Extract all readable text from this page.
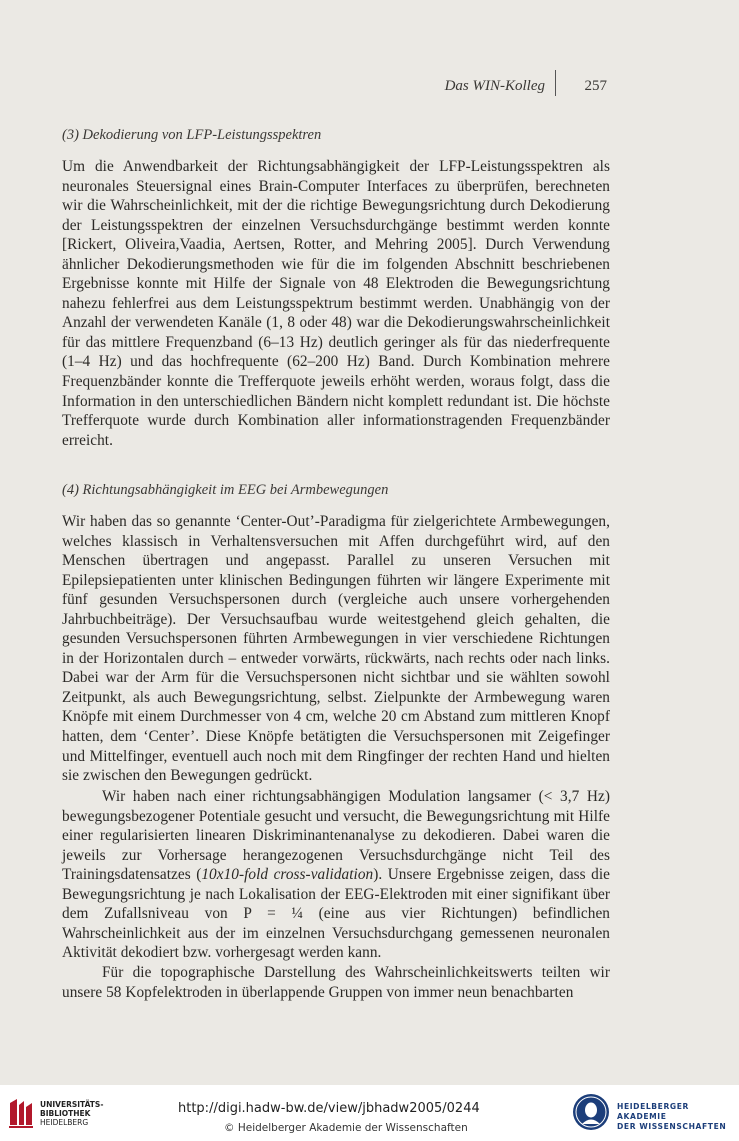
Das WIN-Kolleg	257
(3) Dekodierung von LFP-Leistungsspektren
Um die Anwendbarkeit der Richtungsabhängigkeit der LFP-Leistungsspektren als neuronales Steuersignal eines Brain-Computer Interfaces zu überprüfen, berechneten wir die Wahrscheinlichkeit, mit der die richtige Bewegungsrichtung durch Dekodierung der Leistungsspektren der einzelnen Versuchsdurchgänge bestimmt werden konnte [Rickert, Oliveira,Vaadia, Aertsen, Rotter, and Mehring 2005]. Durch Verwendung ähnlicher Dekodierungsmethoden wie für die im folgenden Abschnitt beschriebenen Ergebnisse konnte mit Hilfe der Signale von 48 Elektroden die Bewegungsrichtung nahezu fehlerfrei aus dem Leistungsspektrum bestimmt werden. Unabhängig von der Anzahl der verwendeten Kanäle (1, 8 oder 48) war die Dekodierungswahrscheinlichkeit für das mittlere Frequenzband (6–13 Hz) deutlich geringer als für das niederfrequente (1–4 Hz) und das hochfrequente (62–200 Hz) Band. Durch Kombination mehrere Frequenzbänder konnte die Trefferquote jeweils erhöht werden, woraus folgt, dass die Information in den unterschiedlichen Bändern nicht komplett redundant ist. Die höchste Trefferquote wurde durch Kombination aller informationstragenden Frequenzbänder erreicht.
(4) Richtungsabhängigkeit im EEG bei Armbewegungen
Wir haben das so genannte ‘Center-Out’-Paradigma für zielgerichtete Armbewegungen, welches klassisch in Verhaltensversuchen mit Affen durchgeführt wird, auf den Menschen übertragen und angepasst. Parallel zu unseren Versuchen mit Epilepsiepatienten unter klinischen Bedingungen führten wir längere Experimente mit fünf gesunden Versuchspersonen durch (vergleiche auch unsere vorhergehenden Jahrbuchbeiträge). Der Versuchsaufbau wurde weitestgehend gleich gehalten, die gesunden Versuchspersonen führten Armbewegungen in vier verschiedene Richtungen in der Horizontalen durch – entweder vorwärts, rückwärts, nach rechts oder nach links. Dabei war der Arm für die Versuchspersonen nicht sichtbar und sie wählten sowohl Zeitpunkt, als auch Bewegungsrichtung, selbst. Zielpunkte der Armbewegung waren Knöpfe mit einem Durchmesser von 4 cm, welche 20 cm Abstand zum mittleren Knopf hatten, dem ‘Center’. Diese Knöpfe betätigten die Versuchspersonen mit Zeigefinger und Mittelfinger, eventuell auch noch mit dem Ringfinger der rechten Hand und hielten sie zwischen den Bewegungen gedrückt.
Wir haben nach einer richtungsabhängigen Modulation langsamer (< 3,7 Hz) bewegungsbezogener Potentiale gesucht und versucht, die Bewegungsrichtung mit Hilfe einer regularisierten linearen Diskriminantenanalyse zu dekodieren. Dabei waren die jeweils zur Vorhersage herangezogenen Versuchsdurchgänge nicht Teil des Trainingsdatensatzes (10x10-fold cross-validation). Unsere Ergebnisse zeigen, dass die Bewegungsrichtung je nach Lokalisation der EEG-Elektroden mit einer signifikant über dem Zufallsniveau von P = ¼ (eine aus vier Richtungen) befindlichen Wahrscheinlichkeit aus der im einzelnen Versuchsdurchgang gemessenen neuronalen Aktivität dekodiert bzw. vorhergesagt werden kann.
Für die topographische Darstellung des Wahrscheinlichkeitswerts teilten wir unsere 58 Kopfelektroden in überlappende Gruppen von immer neun benachbarten
UNIVERSITÄTS-
BIBLIOTHEK
HEIDELBERG
http://digi.hadw-bw.de/view/jbhadw2005/0244
© Heidelberger Akademie der Wissenschaften
HEIDELBERGER AKADEMIE
DER WISSENSCHAFTEN
